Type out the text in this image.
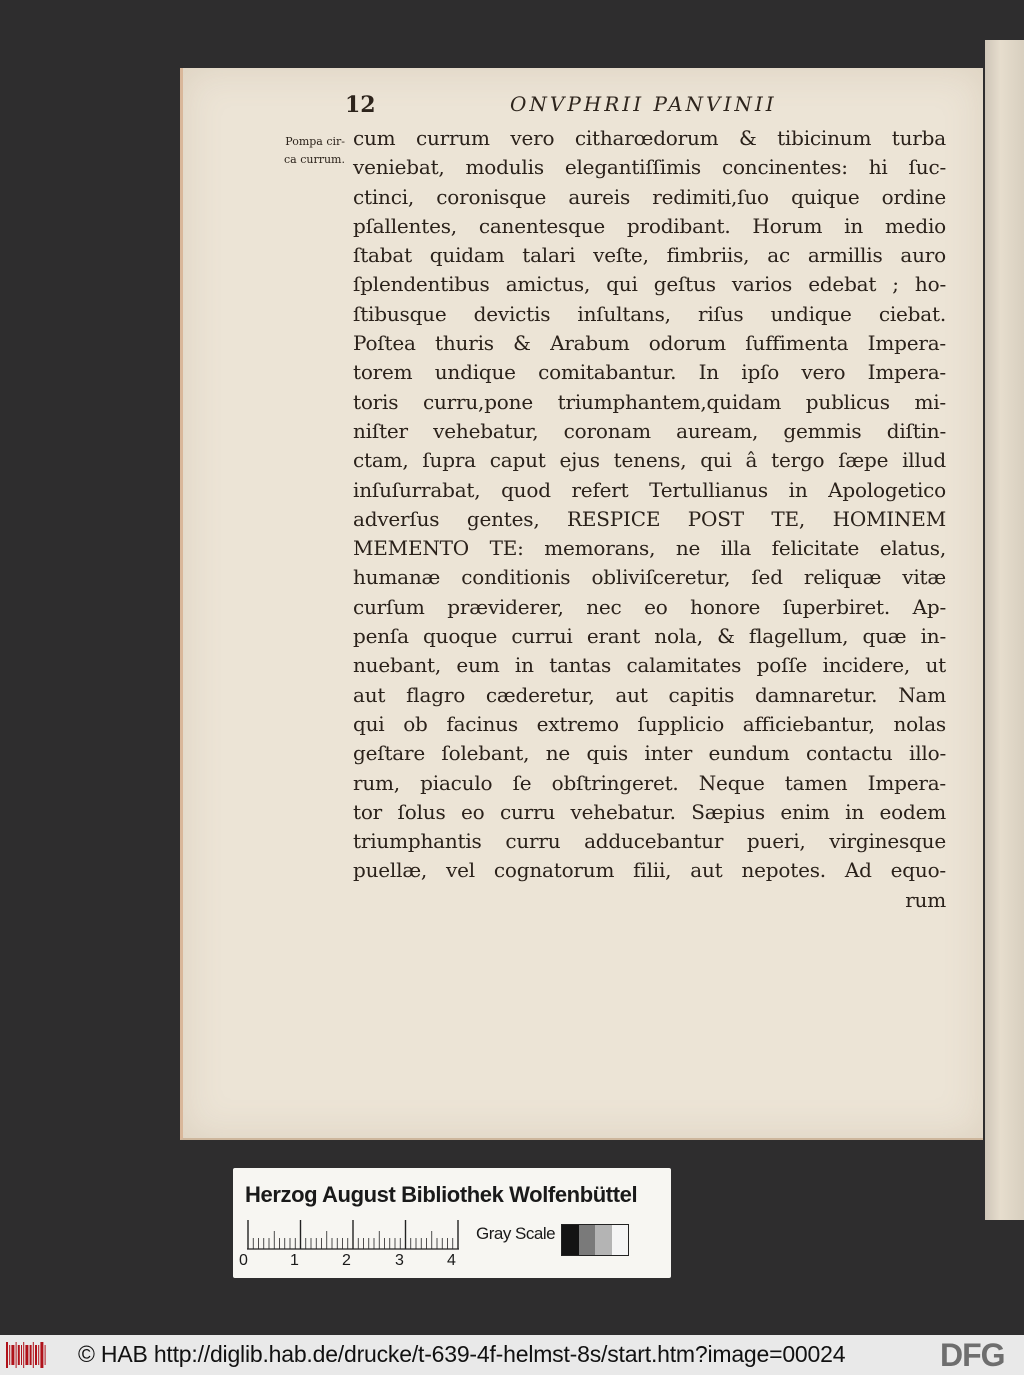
12	ONVPHRII PANVINII
Pompa cir-
ca currum.
cum currum vero citharœdorum & tibicinum turba
veniebat, modulis elegantiſſimis concinentes: hi ſuc-
ctinci, coronisque aureis redimiti,ſuo quique ordine
pſallentes, canentesque prodibant. Horum in medio
ſtabat quidam talari veſte, fimbriis, ac armillis auro
ſplendentibus amictus, qui geſtus varios edebat ; ho-
ſtibusque devictis inſultans, riſus undique ciebat.
Poſtea thuris & Arabum odorum ſuffimenta Impera-
torem undique comitabantur. In ipſo vero Impera-
toris curru,pone triumphantem,quidam publicus mi-
niſter vehebatur, coronam auream, gemmis diſtin-
ctam, ſupra caput ejus tenens, qui â tergo ſæpe illud
inſuſurrabat, quod refert Tertullianus in Apologetico
adverſus gentes, RESPICE POST TE, HOMINEM
MEMENTO TE: memorans, ne illa felicitate elatus,
humanæ conditionis obliviſceretur, ſed reliquæ vitæ
curſum præviderer, nec eo honore ſuperbiret. Ap-
penſa quoque currui erant nola, & flagellum, quæ in-
nuebant, eum in tantas calamitates poſſe incidere, ut
aut flagro cæderetur, aut capitis damnaretur. Nam
qui ob facinus extremo ſupplicio afficiebantur, nolas
geſtare ſolebant, ne quis inter eundum contactu illo-
rum, piaculo ſe obſtringeret. Neque tamen Impera-
tor ſolus eo curru vehebatur. Sæpius enim in eodem
triumphantis curru adducebantur pueri, virginesque
puellæ, vel cognatorum filii, aut nepotes. Ad equo-
rum
Herzog August Bibliothek Wolfenbüttel
0	1	2	3	4
Gray Scale
© HAB http://diglib.hab.de/drucke/t-639-4f-helmst-8s/start.htm?image=00024	DFG
